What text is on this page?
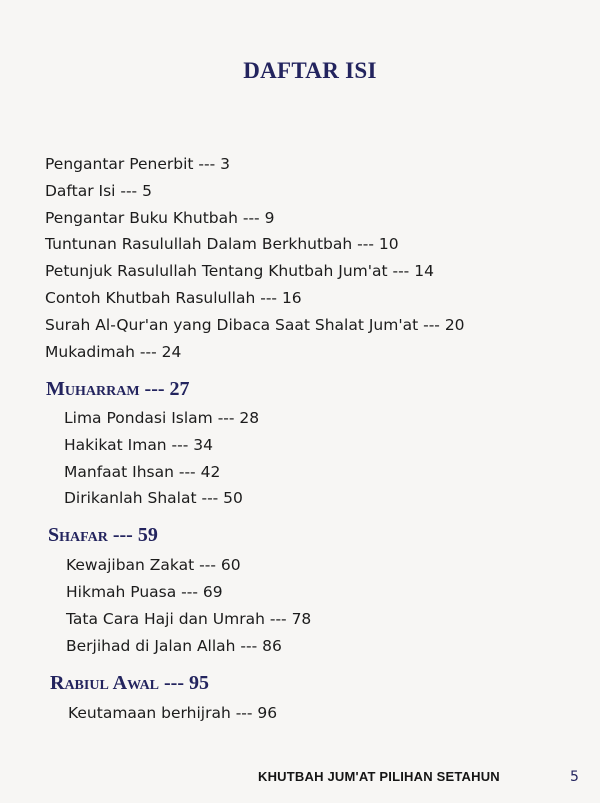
DAFTAR ISI
Pengantar Penerbit --- 3
Daftar Isi --- 5
Pengantar Buku Khutbah --- 9
Tuntunan Rasulullah Dalam Berkhutbah --- 10
Petunjuk Rasulullah Tentang Khutbah Jum'at --- 14
Contoh Khutbah Rasulullah --- 16
Surah Al-Qur'an yang Dibaca Saat Shalat Jum'at --- 20
Mukadimah --- 24
Muharram --- 27
Lima Pondasi Islam --- 28
Hakikat Iman --- 34
Manfaat Ihsan --- 42
Dirikanlah Shalat --- 50
Shafar --- 59
Kewajiban Zakat --- 60
Hikmah Puasa --- 69
Tata Cara Haji dan Umrah --- 78
Berjihad di Jalan Allah --- 86
Rabiul Awal --- 95
Keutamaan berhijrah --- 96
KHUTBAH JUM'AT PILIHAN SETAHUN	5
